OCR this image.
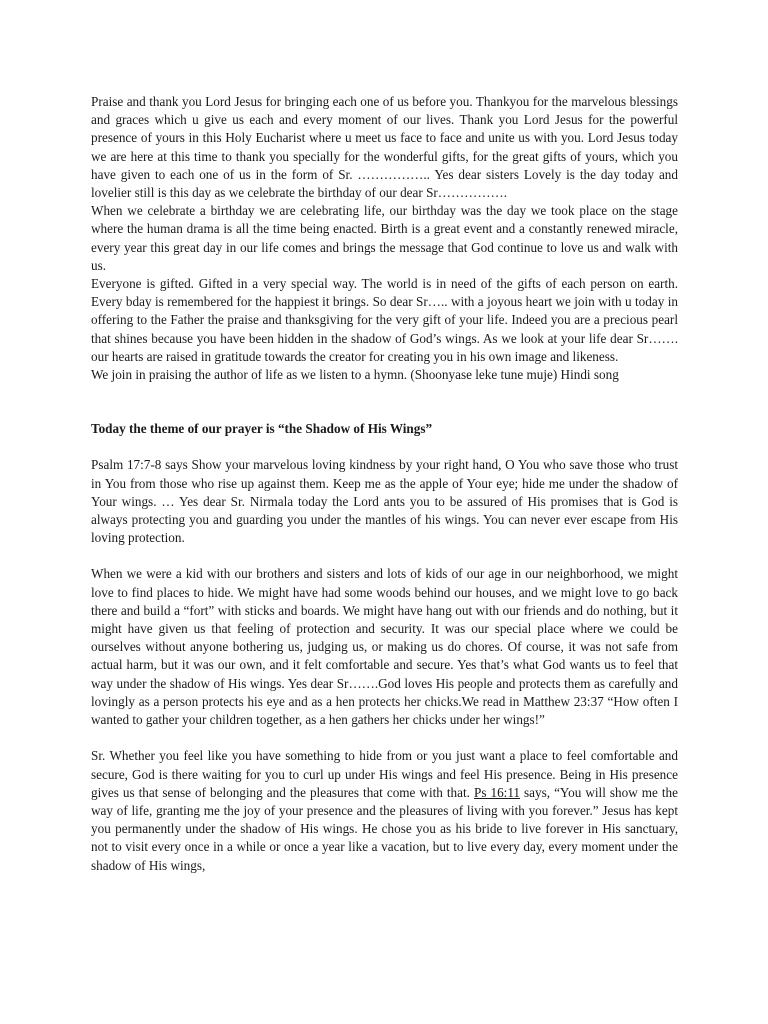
Praise and thank you Lord Jesus for bringing each one of us before you. Thankyou for the marvelous blessings and graces which u give us each and every moment of our lives. Thank you Lord Jesus for the powerful presence of yours in this Holy Eucharist where u meet us face to face and unite us with you. Lord Jesus today we are here at this time to thank you specially for the wonderful gifts, for the great gifts of yours, which you have given to each one of us in the form of Sr. …………….. Yes dear sisters Lovely is the day today and lovelier still is this day as we celebrate the birthday of our dear Sr…………….

When we celebrate a birthday we are celebrating life, our birthday was the day we took place on the stage where the human drama is all the time being enacted. Birth is a great event and a constantly renewed miracle, every year this great day in our life comes and brings the message that God continue to love us and walk with us.

Everyone is gifted. Gifted in a very special way. The world is in need of the gifts of each person on earth. Every bday is remembered for the happiest it brings. So dear Sr….. with a joyous heart we join with u today in offering to the Father the praise and thanksgiving for the very gift of your life. Indeed you are a precious pearl that shines because you have been hidden in the shadow of God’s wings. As we look at your life dear Sr……. our hearts are raised in gratitude towards the creator for creating you in his own image and likeness.

We join in praising the author of life as we listen to a hymn. (Shoonyase leke tune muje) Hindi song

Today the theme of our prayer is “the Shadow of His Wings”

Psalm 17:7-8 says Show your marvelous loving kindness by your right hand, O You who save those who trust in You from those who rise up against them. Keep me as the apple of Your eye; hide me under the shadow of Your wings. … Yes dear Sr. Nirmala today the Lord ants you to be assured of His promises that is God is always protecting you and guarding you under the mantles of his wings. You can never ever escape from His loving protection.

When we were a kid with our brothers and sisters and lots of kids of our age in our neighborhood, we might love to find places to hide. We might have had some woods behind our houses, and we might love to go back there and build a “fort” with sticks and boards. We might have hang out with our friends and do nothing, but it might have given us that feeling of protection and security. It was our special place where we could be ourselves without anyone bothering us, judging us, or making us do chores. Of course, it was not safe from actual harm, but it was our own, and it felt comfortable and secure. Yes that’s what God wants us to feel that way under the shadow of His wings. Yes dear Sr…….God loves His people and protects them as carefully and lovingly as a person protects his eye and as a hen protects her chicks.We read in Matthew 23:37 “How often I wanted to gather your children together, as a hen gathers her chicks under her wings!”

Sr. Whether you feel like you have something to hide from or you just want a place to feel comfortable and secure, God is there waiting for you to curl up under His wings and feel His presence. Being in His presence gives us that sense of belonging and the pleasures that come with that. Ps 16:11 says, “You will show me the way of life, granting me the joy of your presence and the pleasures of living with you forever.” Jesus has kept you permanently under the shadow of His wings. He chose you as his bride to live forever in His sanctuary, not to visit every once in a while or once a year like a vacation, but to live every day, every moment under the shadow of His wings,
